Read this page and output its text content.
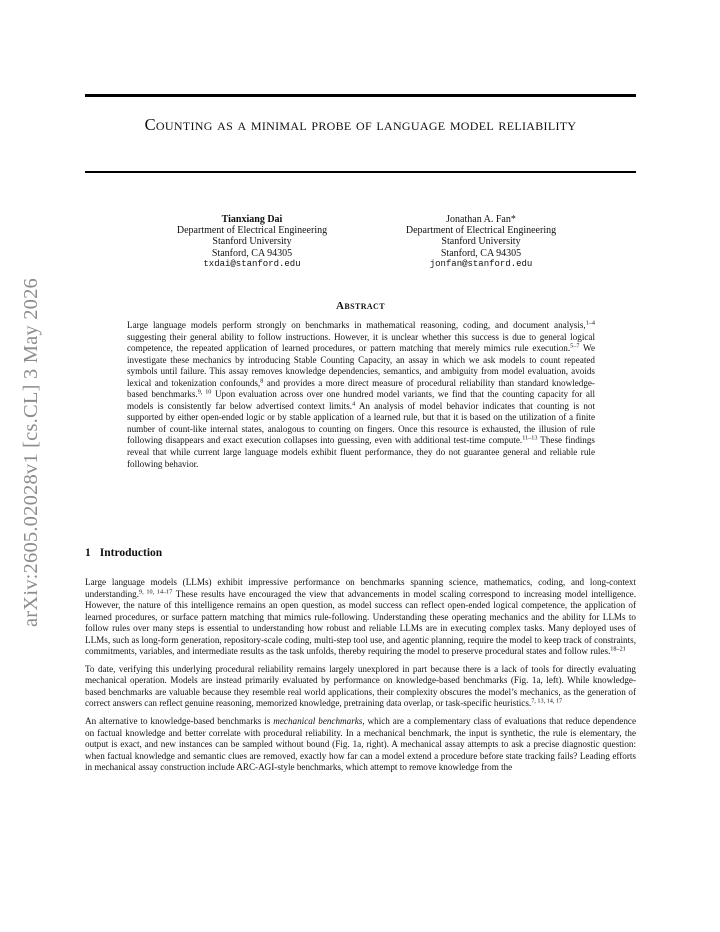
arXiv:2605.02028v1 [cs.CL] 3 May 2026
Counting as a minimal probe of language model reliability
Tianxiang Dai
Department of Electrical Engineering
Stanford University
Stanford, CA 94305
txdai@stanford.edu
Jonathan A. Fan*
Department of Electrical Engineering
Stanford University
Stanford, CA 94305
jonfan@stanford.edu
Abstract
Large language models perform strongly on benchmarks in mathematical reasoning, coding, and document analysis,$^{1-4}$ suggesting their general ability to follow instructions. However, it is unclear whether this success is due to general logical competence, the repeated application of learned procedures, or pattern matching that merely mimics rule execution.$^{5-7}$ We investigate these mechanics by introducing Stable Counting Capacity, an assay in which we ask models to count repeated symbols until failure. This assay removes knowledge dependencies, semantics, and ambiguity from model evaluation, avoids lexical and tokenization confounds,$^8$ and provides a more direct measure of procedural reliability than standard knowledge-based benchmarks.$^{9, 10}$ Upon evaluation across over one hundred model variants, we find that the counting capacity for all models is consistently far below advertised context limits.$^4$ An analysis of model behavior indicates that counting is not supported by either open-ended logic or by stable application of a learned rule, but that it is based on the utilization of a finite number of count-like internal states, analogous to counting on fingers. Once this resource is exhausted, the illusion of rule following disappears and exact execution collapses into guessing, even with additional test-time compute.$^{11-13}$ These findings reveal that while current large language models exhibit fluent performance, they do not guarantee general and reliable rule following behavior.
1 Introduction

Large language models (LLMs) exhibit impressive performance on benchmarks spanning science, mathematics, coding, and long-context understanding.$^{9, 10, 14-17}$ These results have encouraged the view that advancements in model scaling correspond to increasing model intelligence. However, the nature of this intelligence remains an open question, as model success can reflect open-ended logical competence, the application of learned procedures, or surface pattern matching that mimics rule-following. Understanding these operating mechanics and the ability for LLMs to follow rules over many steps is essential to understanding how robust and reliable LLMs are in executing complex tasks. Many deployed uses of LLMs, such as long-form generation, repository-scale coding, multi-step tool use, and agentic planning, require the model to keep track of constraints, commitments, variables, and intermediate results as the task unfolds, thereby requiring the model to preserve procedural states and follow rules.$^{18-21}$

To date, verifying this underlying procedural reliability remains largely unexplored in part because there is a lack of tools for directly evaluating mechanical operation. Models are instead primarily evaluated by performance on knowledge-based benchmarks (Fig. 1a, left). While knowledge-based benchmarks are valuable because they resemble real world applications, their complexity obscures the model’s mechanics, as the generation of correct answers can reflect genuine reasoning, memorized knowledge, pretraining data overlap, or task-specific heuristics.$^{7, 13, 14, 17}$

An alternative to knowledge-based benchmarks is mechanical benchmarks, which are a complementary class of evaluations that reduce dependence on factual knowledge and better correlate with procedural reliability. In a mechanical benchmark, the input is synthetic, the rule is elementary, the output is exact, and new instances can be sampled without bound (Fig. 1a, right). A mechanical assay attempts to ask a precise diagnostic question: when factual knowledge and semantic clues are removed, exactly how far can a model extend a procedure before state tracking fails? Leading efforts in mechanical assay construction include ARC-AGI-style benchmarks, which attempt to remove knowledge from the
